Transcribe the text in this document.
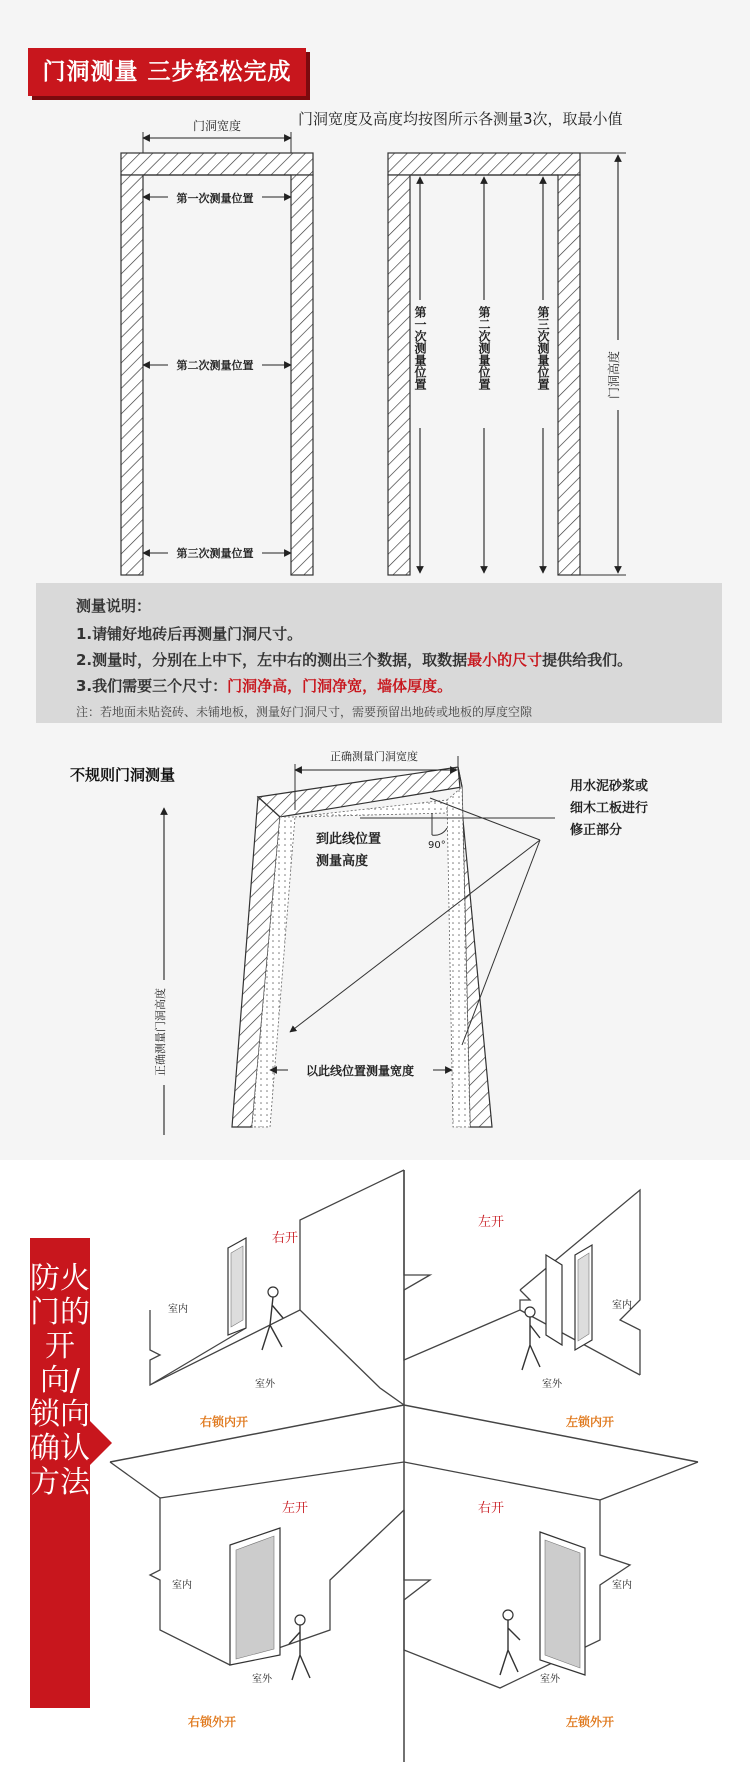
门洞测量 三步轻松完成
门洞宽度及高度均按图所示各测量3次，取最小值
门洞宽度
第一次测量位置
第二次测量位置
第三次测量位置
第一次测量位置	第二次测量位置	第三次测量位置	门洞高度
测量说明：
1.请铺好地砖后再测量门洞尺寸。
2.测量时，分别在上中下，左中右的测出三个数据，取数据最小的尺寸提供给我们。
3.我们需要三个尺寸：门洞净高，门洞净宽，墙体厚度。
注：若地面未贴瓷砖、未铺地板，测量好门洞尺寸，需要预留出地砖或地板的厚度空隙
正确测量门洞宽度
90°
到此线位置
测量高度
用水泥砂浆或
细木工板进行
修正部分
以此线位置测量宽度
正确测量门洞高度
不规则门洞测量
右开
室内
室外
右锁内开
左开
室内
室外
左锁内开
左开
室内
室外
右锁外开
右开
室内
室外
左锁外开
防火门的开向/锁向确认方法
